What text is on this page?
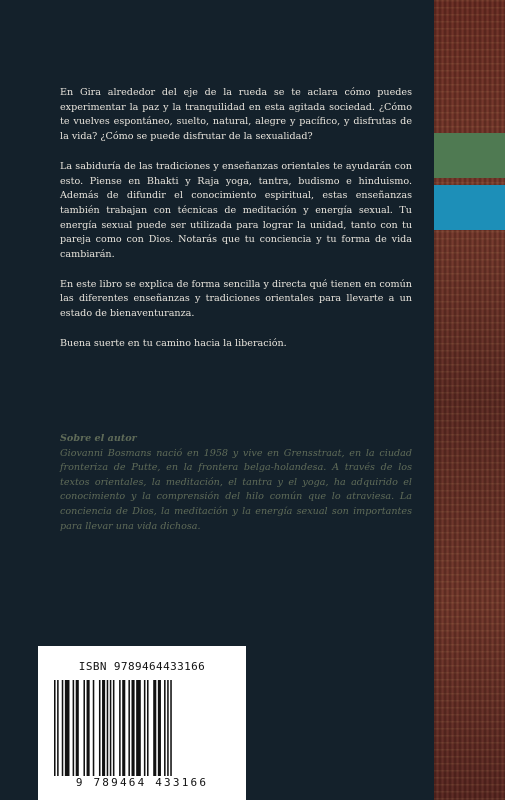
En Gira alrededor del eje de la rueda se te aclara cómo puedes experimentar la paz y la tranquilidad en esta agitada sociedad. ¿Cómo te vuelves espontáneo, suelto, natural, alegre y pacífico, y disfrutas de la vida? ¿Cómo se puede disfrutar de la sexualidad?

La sabiduría de las tradiciones y enseñanzas orientales te ayudarán con esto. Piense en Bhakti y Raja yoga, tantra, budismo e hinduismo. Además de difundir el conocimiento espiritual, estas enseñanzas también trabajan con técnicas de meditación y energía sexual. Tu energía sexual puede ser utilizada para lograr la unidad, tanto con tu pareja como con Dios. Notarás que tu conciencia y tu forma de vida cambiarán.

En este libro se explica de forma sencilla y directa qué tienen en común las diferentes enseñanzas y tradiciones orientales para llevarte a un estado de bienaventuranza.

Buena suerte en tu camino hacia la liberación.

Sobre el autor
Giovanni Bosmans nació en 1958 y vive en Grensstraat, en la ciudad fronteriza de Putte, en la frontera belga-holandesa. A través de los textos orientales, la meditación, el tantra y el yoga, ha adquirido el conocimiento y la comprensión del hilo común que lo atraviesa. La conciencia de Dios, la meditación y la energía sexual son importantes para llevar una vida dichosa.
ISBN 9789464433166
9 789464 433166
